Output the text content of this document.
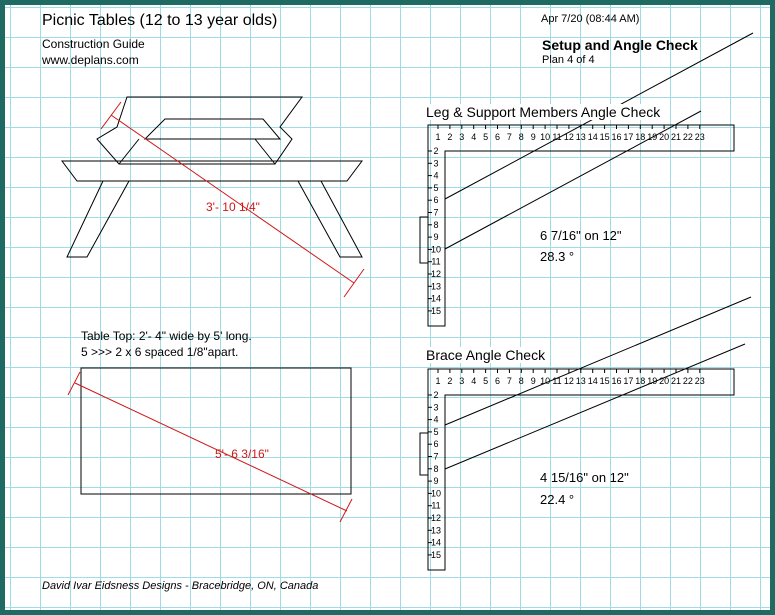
Picnic Tables (12 to 13 year olds)
Construction Guide
www.deplans.com
Apr 7/20 (08:44 AM)
Setup and Angle Check
Plan 4 of 4
1 2 3 4 5 6 7 8 9 10 11 12 13 14 15 16 17 18 19 20 21 22 23
2
3
4
5
6
7
8
9
10
11
12
13
14
15
1 2 3 4 5 6 7 8 9 10 11 12 13 14 15 16 17 18 19 20 21 22 23
2
3
4
5
6
7
8
9
10
11
12
13
14
15
3'- 10 1/4"
Table Top: 2'- 4" wide by 5' long.
5 >>> 2 x 6 spaced 1/8"apart.
5'- 6 3/16"
Leg & Support Members Angle Check
6 7/16" on 12"
28.3 °
Brace Angle Check
4 15/16" on 12"
22.4 °
David Ivar Eidsness Designs - Bracebridge, ON, Canada
